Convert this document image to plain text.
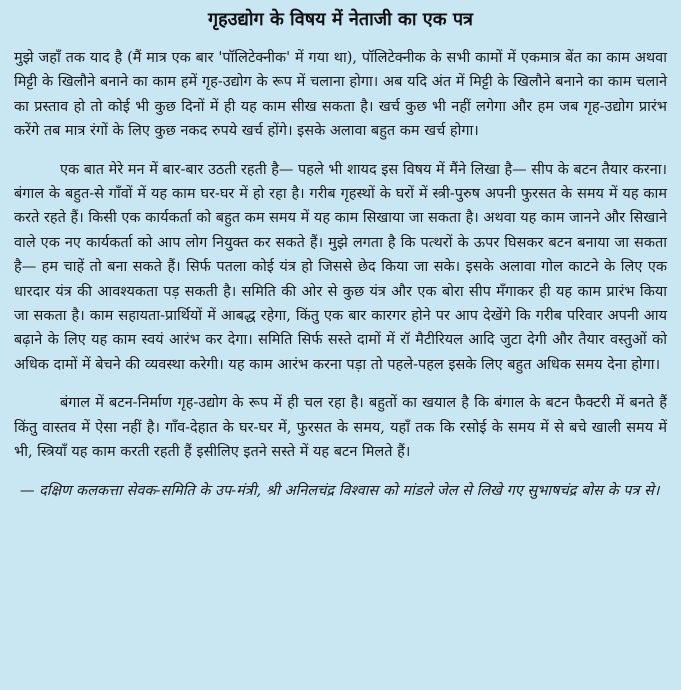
गृहउद्योग के विषय में नेताजी का एक पत्र

मुझे जहाँ तक याद है (मैं मात्र एक बार 'पॉलिटेक्नीक' में गया था), पॉलिटेक्नीक के सभी कामों में एकमात्र बेंत का काम अथवा मिट्टी के खिलौने बनाने का काम हमें गृह-उद्योग के रूप में चलाना होगा। अब यदि अंत में मिट्टी के खिलौने बनाने का काम चलाने का प्रस्ताव हो तो कोई भी कुछ दिनों में ही यह काम सीख सकता है। खर्च कुछ भी नहीं लगेगा और हम जब गृह-उद्योग प्रारंभ करेंगे तब मात्र रंगों के लिए कुछ नकद रुपये खर्च होंगे। इसके अलावा बहुत कम खर्च होगा।

एक बात मेरे मन में बार-बार उठती रहती है— पहले भी शायद इस विषय में मैंने लिखा है— सीप के बटन तैयार करना। बंगाल के बहुत-से गाँवों में यह काम घर-घर में हो रहा है। गरीब गृहस्थों के घरों में स्त्री-पुरुष अपनी फुरसत के समय में यह काम करते रहते हैं। किसी एक कार्यकर्ता को बहुत कम समय में यह काम सिखाया जा सकता है। अथवा यह काम जानने और सिखाने वाले एक नए कार्यकर्ता को आप लोग नियुक्त कर सकते हैं। मुझे लगता है कि पत्थरों के ऊपर घिसकर बटन बनाया जा सकता है— हम चाहें तो बना सकते हैं। सिर्फ पतला कोई यंत्र हो जिससे छेद किया जा सके। इसके अलावा गोल काटने के लिए एक धारदार यंत्र की आवश्यकता पड़ सकती है। समिति की ओर से कुछ यंत्र और एक बोरा सीप मँगाकर ही यह काम प्रारंभ किया जा सकता है। काम सहायता-प्रार्थियों में आबद्ध रहेगा, किंतु एक बार कारगर होने पर आप देखेंगे कि गरीब परिवार अपनी आय बढ़ाने के लिए यह काम स्वयं आरंभ कर देगा। समिति सिर्फ सस्ते दामों में रॉ मैटीरियल आदि जुटा देगी और तैयार वस्तुओं को अधिक दामों में बेचने की व्यवस्था करेगी। यह काम आरंभ करना पड़ा तो पहले-पहल इसके लिए बहुत अधिक समय देना होगा।

बंगाल में बटन-निर्माण गृह-उद्योग के रूप में ही चल रहा है। बहुतों का खयाल है कि बंगाल के बटन फैक्टरी में बनते हैं किंतु वास्तव में ऐसा नहीं है। गाँव-देहात के घर-घर में, फुरसत के समय, यहाँ तक कि रसोई के समय में से बचे खाली समय में भी, स्त्रियाँ यह काम करती रहती हैं इसीलिए इतने सस्ते में यह बटन मिलते हैं।

— दक्षिण कलकत्ता सेवक-समिति के उप-मंत्री, श्री अनिलचंद्र विश्वास को मांडले जेल से लिखे गए सुभाषचंद्र बोस के पत्र से।
